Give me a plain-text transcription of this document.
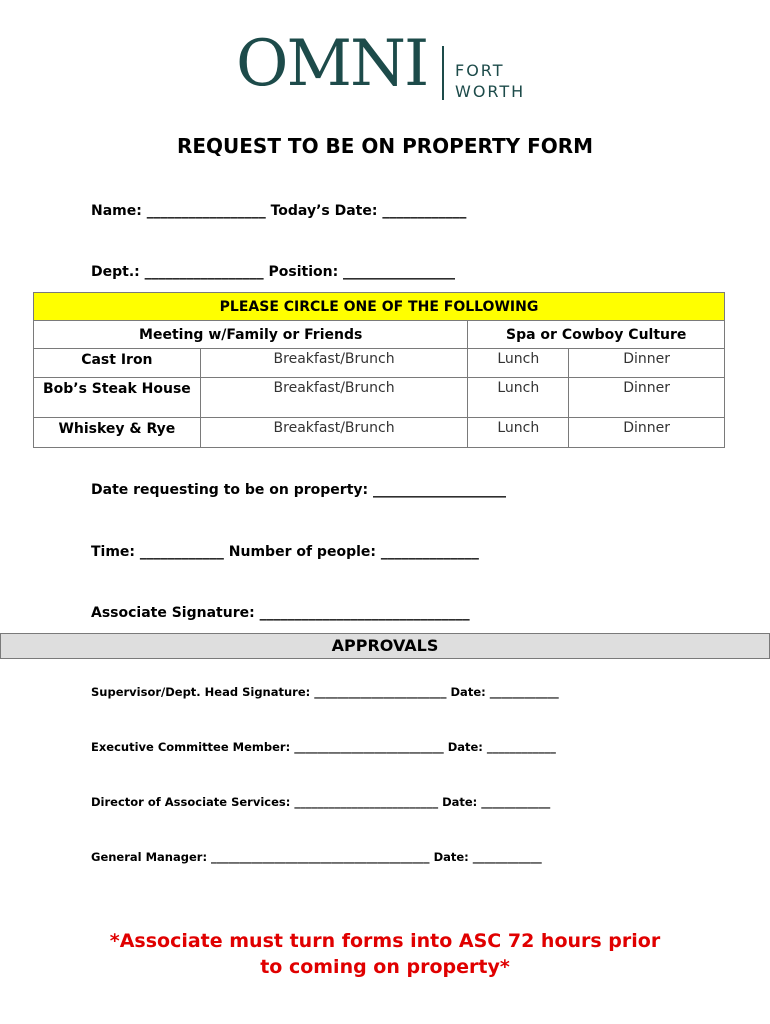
OMNI FORT
WORTH
REQUEST TO BE ON PROPERTY FORM
Name: _________________ Today’s Date: ____________
Dept.: _________________ Position: ________________
PLEASE CIRCLE ONE OF THE FOLLOWING			
Meeting w/Family or Friends		Spa or Cowboy Culture	
Cast Iron	Breakfast/Brunch	Lunch	Dinner
Bob’s Steak House	Breakfast/Brunch	Lunch	Dinner
Whiskey & Rye	Breakfast/Brunch	Lunch	Dinner
Date requesting to be on property: ___________________
Time: ____________ Number of people: ______________
Associate Signature: ______________________________
APPROVALS
Supervisor/Dept. Head Signature: _______________________ Date: ____________
Executive Committee Member: __________________________ Date: ____________
Director of Associate Services: _________________________ Date: ____________
General Manager: ______________________________________ Date: ____________
*Associate must turn forms into ASC 72 hours prior
to coming on property*
